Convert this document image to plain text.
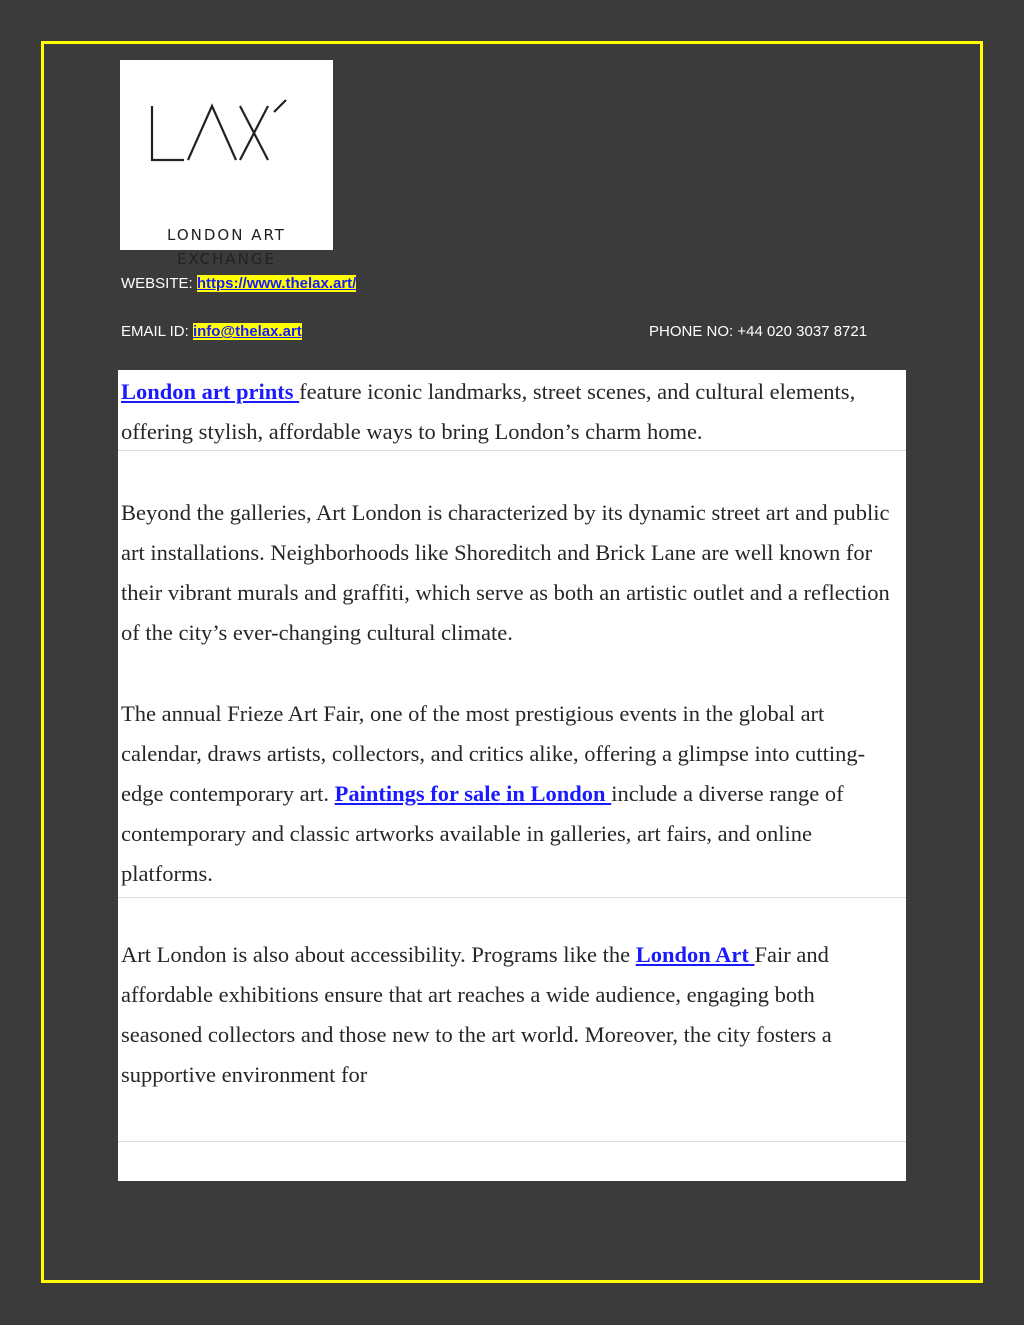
LONDON ART
EXCHANGE
WEBSITE: https://www.thelax.art/
EMAIL ID: info@thelax.art	PHONE NO: +44 020 3037 8721

London art prints feature iconic landmarks, street scenes, and cultural elements, offering stylish, affordable ways to bring London’s charm home.

Beyond the galleries, Art London is characterized by its dynamic street art and public art installations. Neighborhoods like Shoreditch and Brick Lane are well known for their vibrant murals and graffiti, which serve as both an artistic outlet and a reflection of the city’s ever-changing cultural climate.

The annual Frieze Art Fair, one of the most prestigious events in the global art calendar, draws artists, collectors, and critics alike, offering a glimpse into cutting-edge contemporary art. Paintings for sale in London include a diverse range of contemporary and classic artworks available in galleries, art fairs, and online platforms.

Art London is also about accessibility. Programs like the London Art Fair and affordable exhibitions ensure that art reaches a wide audience, engaging both seasoned collectors and those new to the art world. Moreover, the city fosters a supportive environment for
